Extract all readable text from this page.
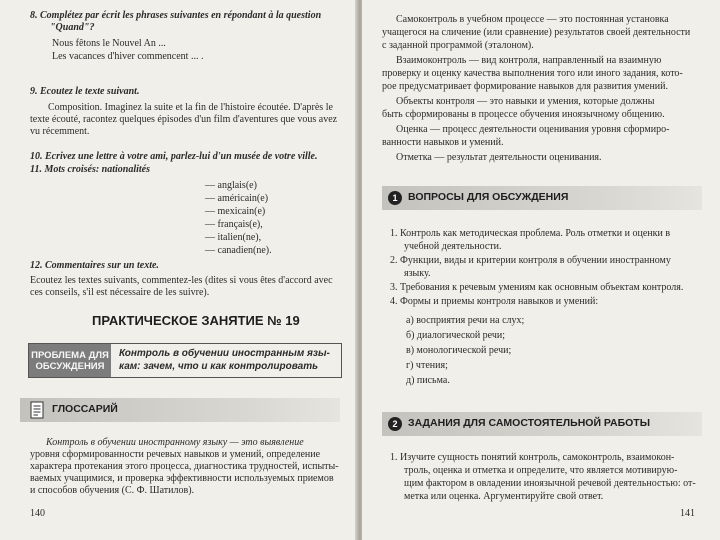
8. Complétez par écrit les phrases suivantes en répondant à la question
"Quand"?
Nous fêtons le Nouvel An ...
Les vacances d'hiver commencent ... .
9. Ecoutez le texte suivant.
Composition. Imaginez la suite et la fin de l'histoire écoutée. D'après le
texte écouté, racontez quelques épisodes d'un film d'aventures que vous avez
vu récemment.
10. Ecrivez une lettre à votre ami, parlez-lui d'un musée de votre ville.
11. Mots croisés: nationalités
— anglais(e)
— américain(e)
— mexicain(e)
— français(e),
— italien(ne),
— canadien(ne).
12. Commentaires sur un texte.
Ecoutez les textes suivants, commentez-les (dites si vous êtes d'accord avec
ces conseils, s'il est nécessaire de les suivre).
ПРАКТИЧЕСКОЕ ЗАНЯТИЕ № 19
ПРОБЛЕМА ДЛЯ
ОБСУЖДЕНИЯ
Контроль в обучении иностранным язы-
кам: зачем, что и как контролировать
ГЛОССАРИЙ
Контроль в обучении иностранному языку — это выявление
уровня сформированности речевых навыков и умений, определение
характера протекания этого процесса, диагностика трудностей, испыты-
ваемых учащимися, и проверка эффективности используемых приемов
и способов обучения (С. Ф. Шатилов).
140
Самоконтроль в учебном процессе — это постоянная установка
учащегося на сличение (или сравнение) результатов своей деятельности
с заданной программой (эталоном).
Взаимоконтроль — вид контроля, направленный на взаимную
проверку и оценку качества выполнения того или иного задания, кото-
рое предусматривает формирование навыков для развития умений.
Объекты контроля — это навыки и умения, которые должны
быть сформированы в процессе обучения иноязычному общению.
Оценка — процесс деятельности оценивания уровня сформиро-
ванности навыков и умений.
Отметка — результат деятельности оценивания.
1	ВОПРОСЫ ДЛЯ ОБСУЖДЕНИЯ
1. Контроль как методическая проблема. Роль отметки и оценки в
учебной деятельности.
2. Функции, виды и критерии контроля в обучении иностранному
языку.
3. Требования к речевым умениям как основным объектам контроля.
4. Формы и приемы контроля навыков и умений:
а) восприятия речи на слух;
б) диалогической речи;
в) монологической речи;
г) чтения;
д) письма.
2	ЗАДАНИЯ ДЛЯ САМОСТОЯТЕЛЬНОЙ РАБОТЫ
1. Изучите сущность понятий контроль, самоконтроль, взаимокон-
троль, оценка и отметка и определите, что является мотивирую-
щим фактором в овладении иноязычной речевой деятельностью: от-
метка или оценка. Аргументируйте свой ответ.
141
